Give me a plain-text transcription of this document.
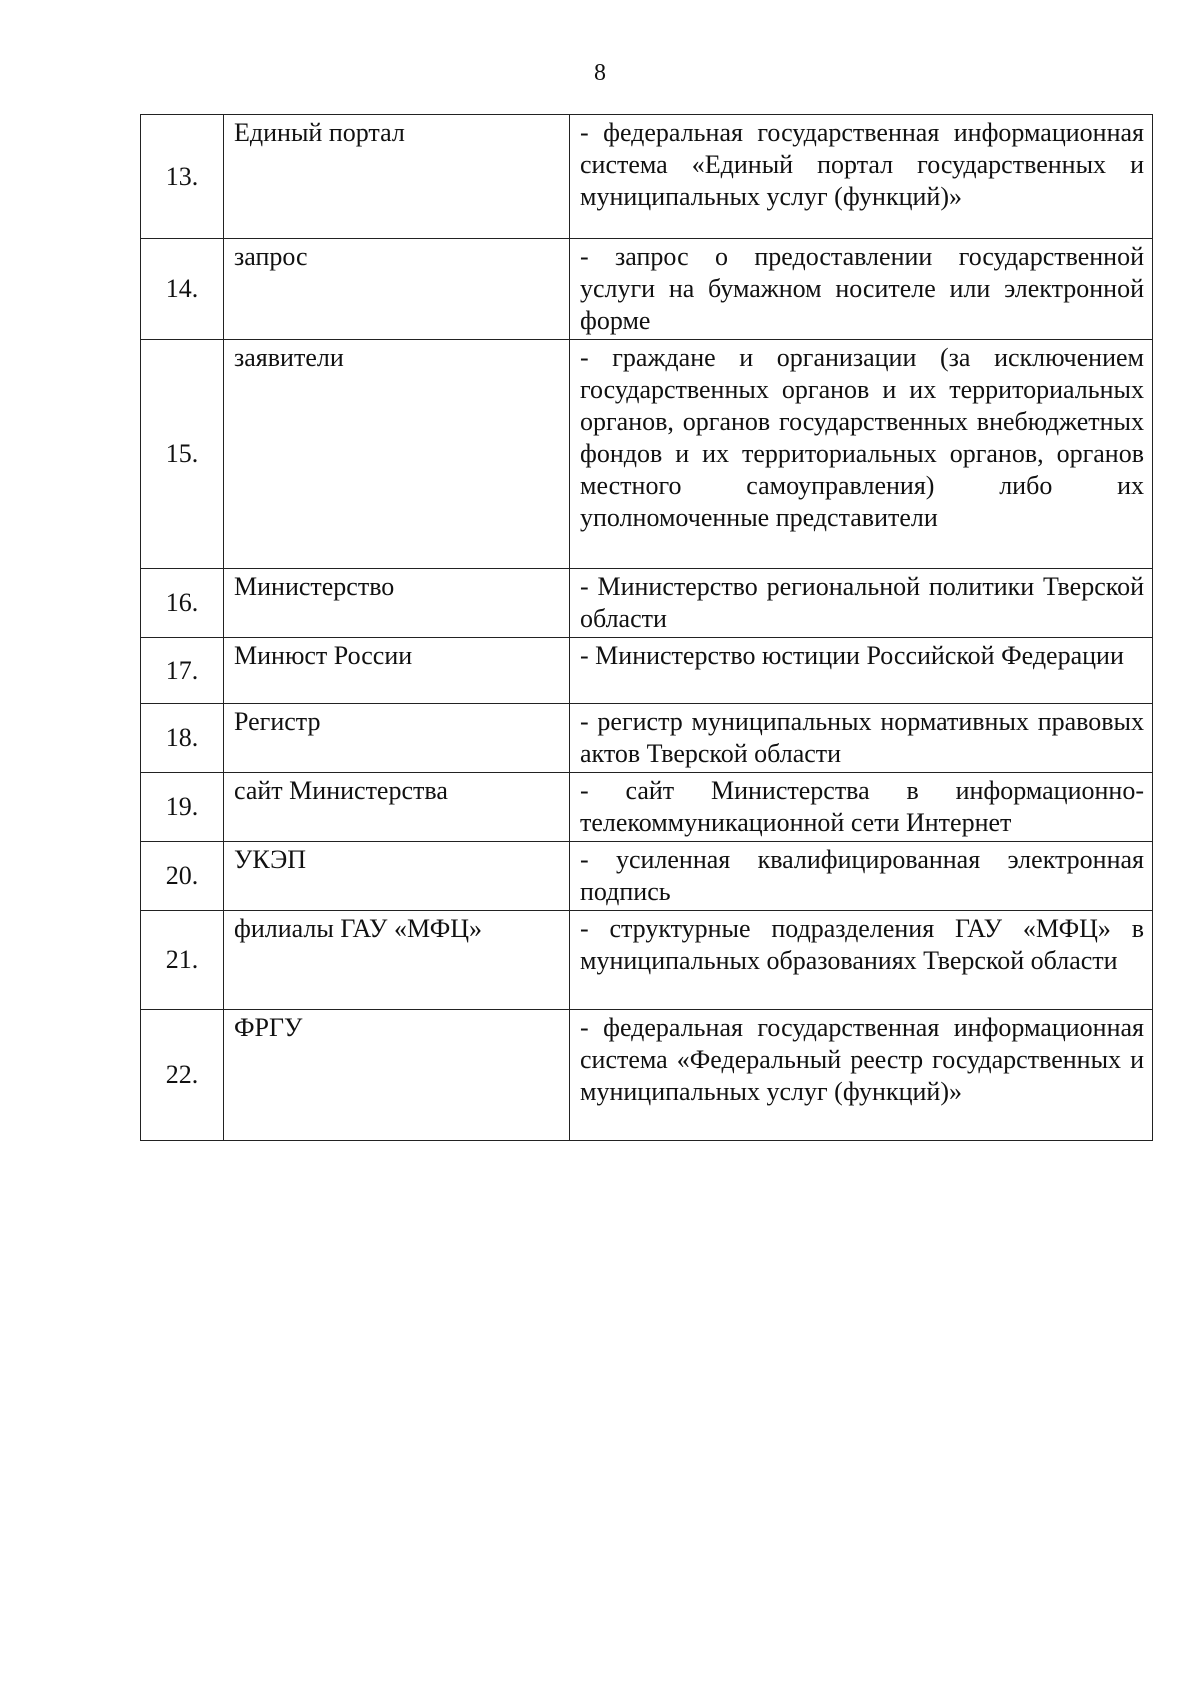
8
13.	Единый портал	- федеральная государственная информационная система «Единый портал государственных и муниципальных услуг (функций)»
14.	запрос	- запрос о предоставлении государственной услуги на бумажном носителе или электронной форме
15.	заявители	- граждане и организации (за исключением государственных органов и их территориальных органов, органов государственных внебюджетных фондов и их территориальных органов, органов местного самоуправления) либо их уполномоченные представители
16.	Министерство	- Министерство региональной политики Тверской области
17.	Минюст России	- Министерство юстиции Российской Федерации
18.	Регистр	- регистр муниципальных нормативных правовых актов Тверской области
19.	сайт Министерства	- сайт Министерства в информационно-телекоммуникационной сети Интернет
20.	УКЭП	- усиленная квалифицированная электронная подпись
21.	филиалы ГАУ «МФЦ»	- структурные подразделения ГАУ «МФЦ» в муниципальных образованиях Тверской области
22.	ФРГУ	- федеральная государственная информационная система «Федеральный реестр государственных и муниципальных услуг (функций)»
